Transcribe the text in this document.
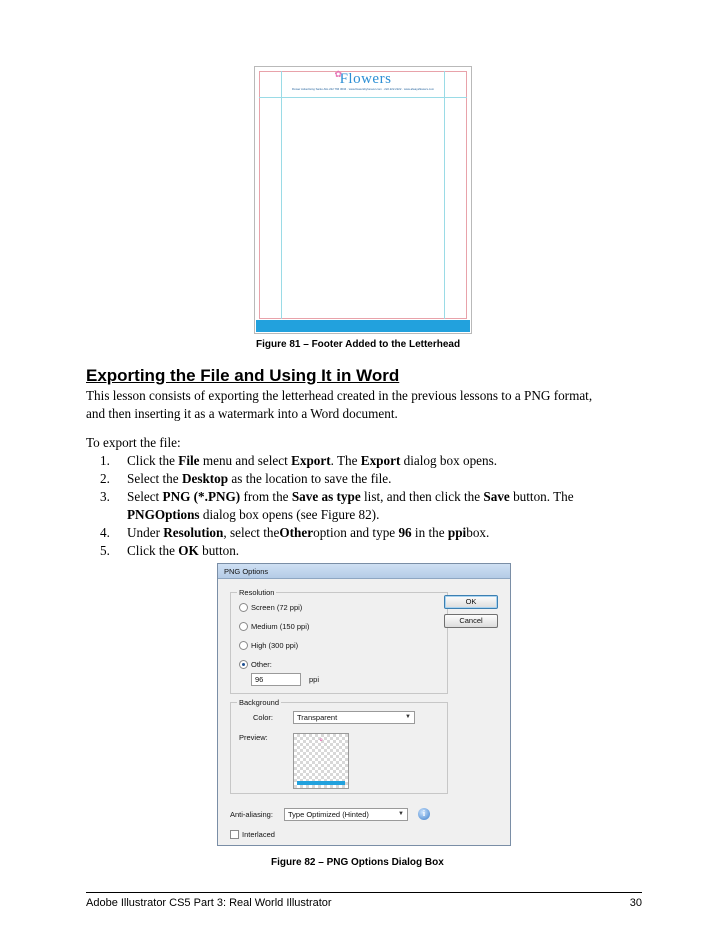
✿Flowers
Flower Advertising Santo Alto 222 766 3034 · www.flowersbyforever.com · 222.222.2222 · www.alwaysflowers.com
Figure 81 – Footer Added to the Letterhead
Exporting the File and Using It in Word
This lesson consists of exporting the letterhead created in the previous lessons to a PNG format,
and then inserting it as a watermark into a Word document.
To export the file:
1. Click the File menu and select Export. The Export dialog box opens.
2. Select the Desktop as the location to save the file.
3. Select PNG (*.PNG) from the Save as type list, and then click the Save button. The
PNGOptions dialog box opens (see Figure 82).
4. Under Resolution, select theOtheroption and type 96 in the ppibox.
5. Click the OK button.
PNG Options
Resolution
Screen (72 ppi)
Medium (150 ppi)
High (300 ppi)
Other:
96	ppi
OK
Cancel
Background
Color:	Transparent	▼
Preview:	✿
Anti-aliasing:	Type Optimized (Hinted)	▼	i
Interlaced
Figure 82 – PNG Options Dialog Box
Adobe Illustrator CS5 Part 3: Real World Illustrator	30
